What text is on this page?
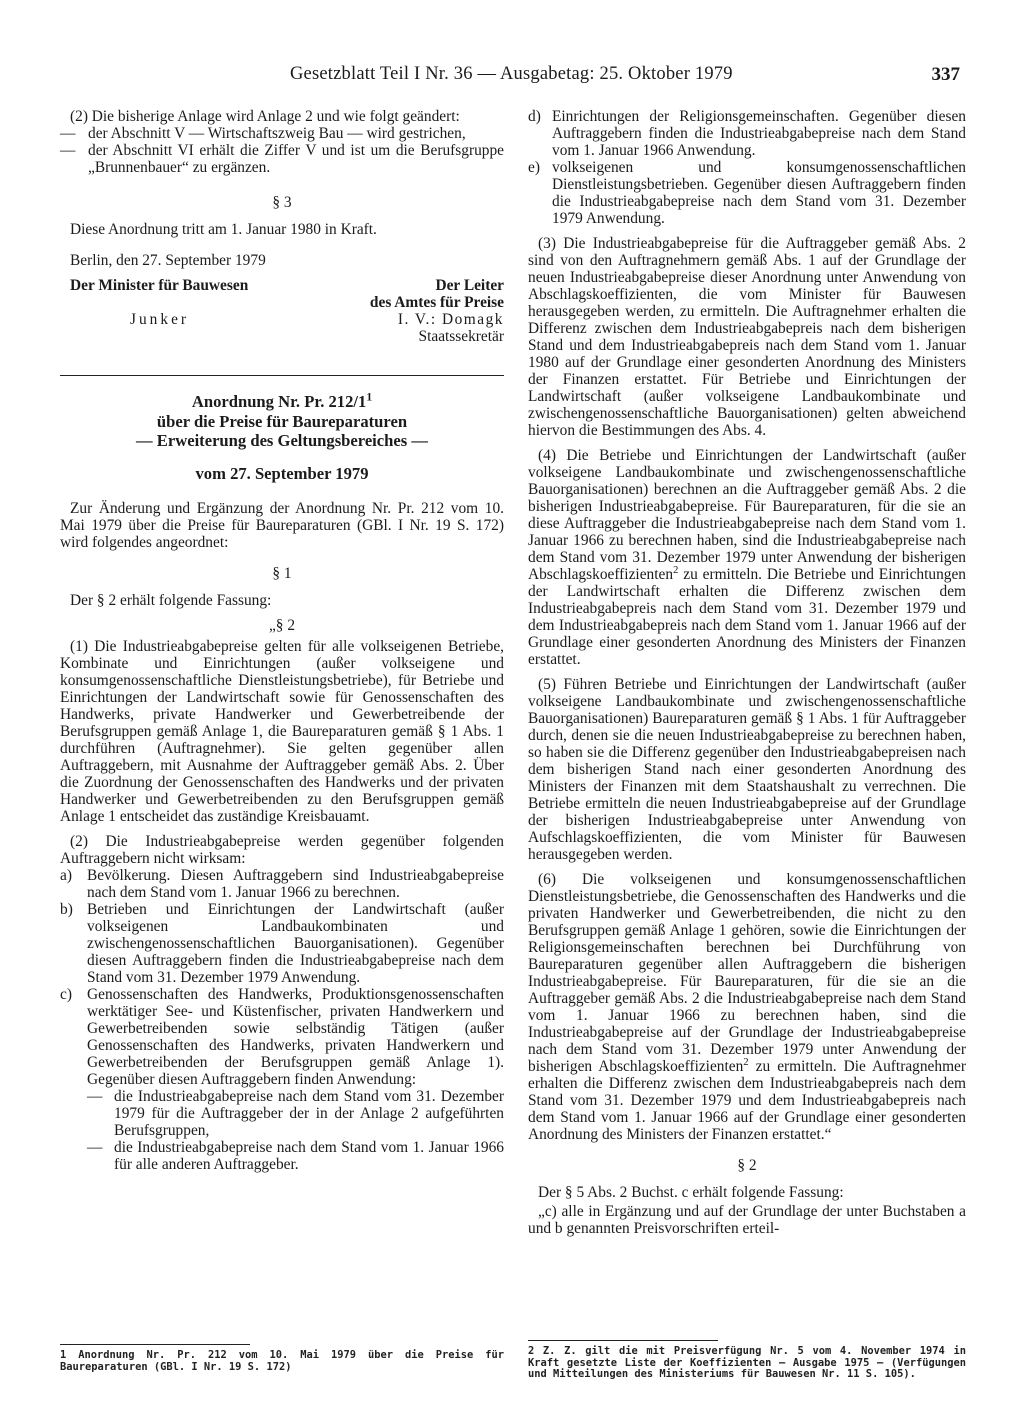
Gesetzblatt Teil I Nr. 36 — Ausgabetag: 25. Oktober 1979	337

(2) Die bisherige Anlage wird Anlage 2 und wie folgt geändert:

— der Abschnitt V — Wirtschaftszweig Bau — wird gestrichen,
— der Abschnitt VI erhält die Ziffer V und ist um die Berufsgruppe „Brunnenbauer“ zu ergänzen.
§ 3

Diese Anordnung tritt am 1. Januar 1980 in Kraft.

Berlin, den 27. September 1979

Der Minister für Bauwesen
Junker
Der Leiter
des Amtes für Preise
I. V.: Domagk
Staatssekretär
Anordnung Nr. Pr. $212/1^1$
über die Preise für Baureparaturen
— Erweiterung des Geltungsbereiches —
vom 27. September 1979

Zur Änderung und Ergänzung der Anordnung Nr. Pr. 212 vom 10. Mai 1979 über die Preise für Baureparaturen (GBl. I Nr. 19 S. 172) wird folgendes angeordnet:

§ 1

Der § 2 erhält folgende Fassung:

„§ 2

(1) Die Industrieabgabepreise gelten für alle volkseigenen Betriebe, Kombinate und Einrichtungen (außer volkseigene und konsumgenossenschaftliche Dienstleistungsbetriebe), für Betriebe und Einrichtungen der Landwirtschaft sowie für Genossenschaften des Handwerks, private Handwerker und Gewerbetreibende der Berufsgruppen gemäß Anlage 1, die Baureparaturen gemäß § 1 Abs. 1 durchführen (Auftragnehmer). Sie gelten gegenüber allen Auftraggebern, mit Ausnahme der Auftraggeber gemäß Abs. 2. Über die Zuordnung der Genossenschaften des Handwerks und der privaten Handwerker und Gewerbetreibenden zu den Berufsgruppen gemäß Anlage 1 entscheidet das zuständige Kreisbauamt.

(2) Die Industrieabgabepreise werden gegenüber folgenden Auftraggebern nicht wirksam:

a) Bevölkerung. Diesen Auftraggebern sind Industrieabgabepreise nach dem Stand vom 1. Januar 1966 zu berechnen.
b) Betrieben und Einrichtungen der Landwirtschaft (außer volkseigenen Landbaukombinaten und zwischengenossenschaftlichen Bauorganisationen). Gegenüber diesen Auftraggebern finden die Industrieabgabepreise nach dem Stand vom 31. Dezember 1979 Anwendung.
c) Genossenschaften des Handwerks, Produktionsgenossenschaften werktätiger See- und Küstenfischer, privaten Handwerkern und Gewerbetreibenden sowie selbständig Tätigen (außer Genossenschaften des Handwerks, privaten Handwerkern und Gewerbetreibenden der Berufsgruppen gemäß Anlage 1). Gegenüber diesen Auftraggebern finden Anwendung:
— die Industrieabgabepreise nach dem Stand vom 31. Dezember 1979 für die Auftraggeber der in der Anlage 2 aufgeführten Berufsgruppen,
— die Industrieabgabepreise nach dem Stand vom 1. Januar 1966 für alle anderen Auftraggeber.
1 Anordnung Nr. Pr. 212 vom 10. Mai 1979 über die Preise für Baureparaturen (GBl. I Nr. 19 S. 172)
d) Einrichtungen der Religionsgemeinschaften. Gegenüber diesen Auftraggebern finden die Industrieabgabepreise nach dem Stand vom 1. Januar 1966 Anwendung.
e) volkseigenen und konsumgenossenschaftlichen Dienstleistungsbetrieben. Gegenüber diesen Auftraggebern finden die Industrieabgabepreise nach dem Stand vom 31. Dezember 1979 Anwendung.

(3) Die Industrieabgabepreise für die Auftraggeber gemäß Abs. 2 sind von den Auftragnehmern gemäß Abs. 1 auf der Grundlage der neuen Industrieabgabepreise dieser Anordnung unter Anwendung von Abschlagskoeffizienten, die vom Minister für Bauwesen herausgegeben werden, zu ermitteln. Die Auftragnehmer erhalten die Differenz zwischen dem Industrieabgabepreis nach dem bisherigen Stand und dem Industrieabgabepreis nach dem Stand vom 1. Januar 1980 auf der Grundlage einer gesonderten Anordnung des Ministers der Finanzen erstattet. Für Betriebe und Einrichtungen der Landwirtschaft (außer volkseigene Landbaukombinate und zwischengenossenschaftliche Bauorganisationen) gelten abweichend hiervon die Bestimmungen des Abs. 4.

(4) Die Betriebe und Einrichtungen der Landwirtschaft (außer volkseigene Landbaukombinate und zwischengenossenschaftliche Bauorganisationen) berechnen an die Auftraggeber gemäß Abs. 2 die bisherigen Industrieabgabepreise. Für Baureparaturen, für die sie an diese Auftraggeber die Industrieabgabepreise nach dem Stand vom 1. Januar 1966 zu berechnen haben, sind die Industrieabgabepreise nach dem Stand vom 31. Dezember 1979 unter Anwendung der bisherigen Abschlagskoeffizienten$^2$ zu ermitteln. Die Betriebe und Einrichtungen der Landwirtschaft erhalten die Differenz zwischen dem Industrieabgabepreis nach dem Stand vom 31. Dezember 1979 und dem Industrieabgabepreis nach dem Stand vom 1. Januar 1966 auf der Grundlage einer gesonderten Anordnung des Ministers der Finanzen erstattet.

(5) Führen Betriebe und Einrichtungen der Landwirtschaft (außer volkseigene Landbaukombinate und zwischengenossenschaftliche Bauorganisationen) Baureparaturen gemäß § 1 Abs. 1 für Auftraggeber durch, denen sie die neuen Industrieabgabepreise zu berechnen haben, so haben sie die Differenz gegenüber den Industrieabgabepreisen nach dem bisherigen Stand nach einer gesonderten Anordnung des Ministers der Finanzen mit dem Staatshaushalt zu verrechnen. Die Betriebe ermitteln die neuen Industrieabgabepreise auf der Grundlage der bisherigen Industrieabgabepreise unter Anwendung von Aufschlagskoeffizienten, die vom Minister für Bauwesen herausgegeben werden.

(6) Die volkseigenen und konsumgenossenschaftlichen Dienstleistungsbetriebe, die Genossenschaften des Handwerks und die privaten Handwerker und Gewerbetreibenden, die nicht zu den Berufsgruppen gemäß Anlage 1 gehören, sowie die Einrichtungen der Religionsgemeinschaften berechnen bei Durchführung von Baureparaturen gegenüber allen Auftraggebern die bisherigen Industrieabgabepreise. Für Baureparaturen, für die sie an die Auftraggeber gemäß Abs. 2 die Industrieabgabepreise nach dem Stand vom 1. Januar 1966 zu berechnen haben, sind die Industrieabgabepreise auf der Grundlage der Industrieabgabepreise nach dem Stand vom 31. Dezember 1979 unter Anwendung der bisherigen Abschlagskoeffizienten$^2$ zu ermitteln. Die Auftragnehmer erhalten die Differenz zwischen dem Industrieabgabepreis nach dem Stand vom 31. Dezember 1979 und dem Industrieabgabepreis nach dem Stand vom 1. Januar 1966 auf der Grundlage einer gesonderten Anordnung des Ministers der Finanzen erstattet.“

§ 2

Der § 5 Abs. 2 Buchst. c erhält folgende Fassung:

„c) alle in Ergänzung und auf der Grundlage der unter Buchstaben a und b genannten Preisvorschriften erteil-

2 Z. Z. gilt die mit Preisverfügung Nr. 5 vom 4. November 1974 in Kraft gesetzte Liste der Koeffizienten — Ausgabe 1975 — (Verfügungen und Mitteilungen des Ministeriums für Bauwesen Nr. 11 S. 105).
